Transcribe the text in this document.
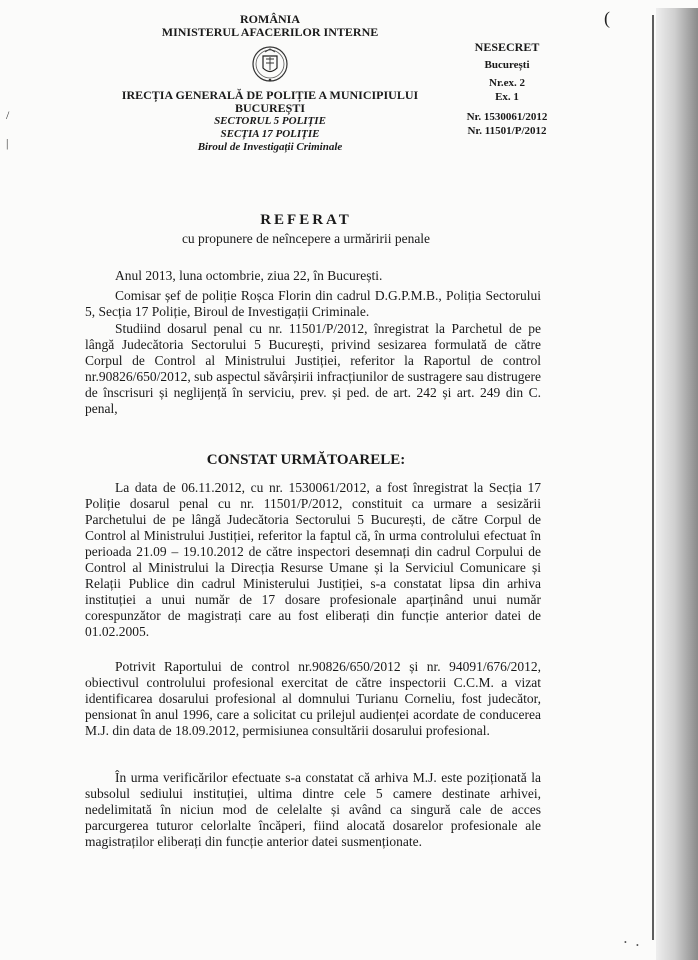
(
/
|
ROMÂNIA
MINISTERUL AFACERILOR INTERNE
IRECȚIA GENERALĂ DE POLIȚIE A MUNICIPIULUI BUCUREȘTI
SECTORUL 5 POLIȚIE
SECȚIA 17 POLIȚIE
Biroul de Investigații Criminale
NESECRET
București
Nr.ex. 2
Ex. 1
Nr. 1530061/2012
Nr. 11501/P/2012
REFERAT
cu propunere de neîncepere a urmăririi penale
Anul 2013, luna octombrie, ziua 22, în București.
Comisar șef de poliție Roșca Florin din cadrul D.G.P.M.B., Poliția Sectorului 5, Secția 17 Poliție, Biroul de Investigații Criminale.
Studiind dosarul penal cu nr. 11501/P/2012, înregistrat la Parchetul de pe lângă Judecătoria Sectorului 5 București, privind sesizarea formulată de către Corpul de Control al Ministrului Justiției, referitor la Raportul de control nr.90826/650/2012, sub aspectul săvârșirii infracțiunilor de sustragere sau distrugere de înscrisuri și neglijență în serviciu, prev. și ped. de art. 242 și art. 249 din C. penal,
CONSTAT URMĂTOARELE:
La data de 06.11.2012, cu nr. 1530061/2012, a fost înregistrat la Secția 17 Poliție dosarul penal cu nr. 11501/P/2012, constituit ca urmare a sesizării Parchetului de pe lângă Judecătoria Sectorului 5 București, de către Corpul de Control al Ministrului Justiției, referitor la faptul că, în urma controlului efectuat în perioada 21.09 – 19.10.2012 de către inspectori desemnați din cadrul Corpului de Control al Ministrului la Direcția Resurse Umane și la Serviciul Comunicare și Relații Publice din cadrul Ministerului Justiției, s-a constatat lipsa din arhiva instituției a unui număr de 17 dosare profesionale aparținând unui număr corespunzător de magistrați care au fost eliberați din funcție anterior datei de 01.02.2005.
Potrivit Raportului de control nr.90826/650/2012 și nr. 94091/676/2012, obiectivul controlului profesional exercitat de către inspectorii C.C.M. a vizat identificarea dosarului profesional al domnului Turianu Corneliu, fost judecător, pensionat în anul 1996, care a solicitat cu prilejul audienței acordate de conducerea M.J. din data de 18.09.2012, permisiunea consultării dosarului profesional.
În urma verificărilor efectuate s-a constatat că arhiva M.J. este poziționată la subsolul sediului instituției, ultima dintre cele 5 camere destinate arhivei, nedelimitată în niciun mod de celelalte și având ca singură cale de acces parcurgerea tuturor celorlalte încăperi, fiind alocată dosarelor profesionale ale magistraților eliberați din funcție anterior datei susmenționate.
• •
